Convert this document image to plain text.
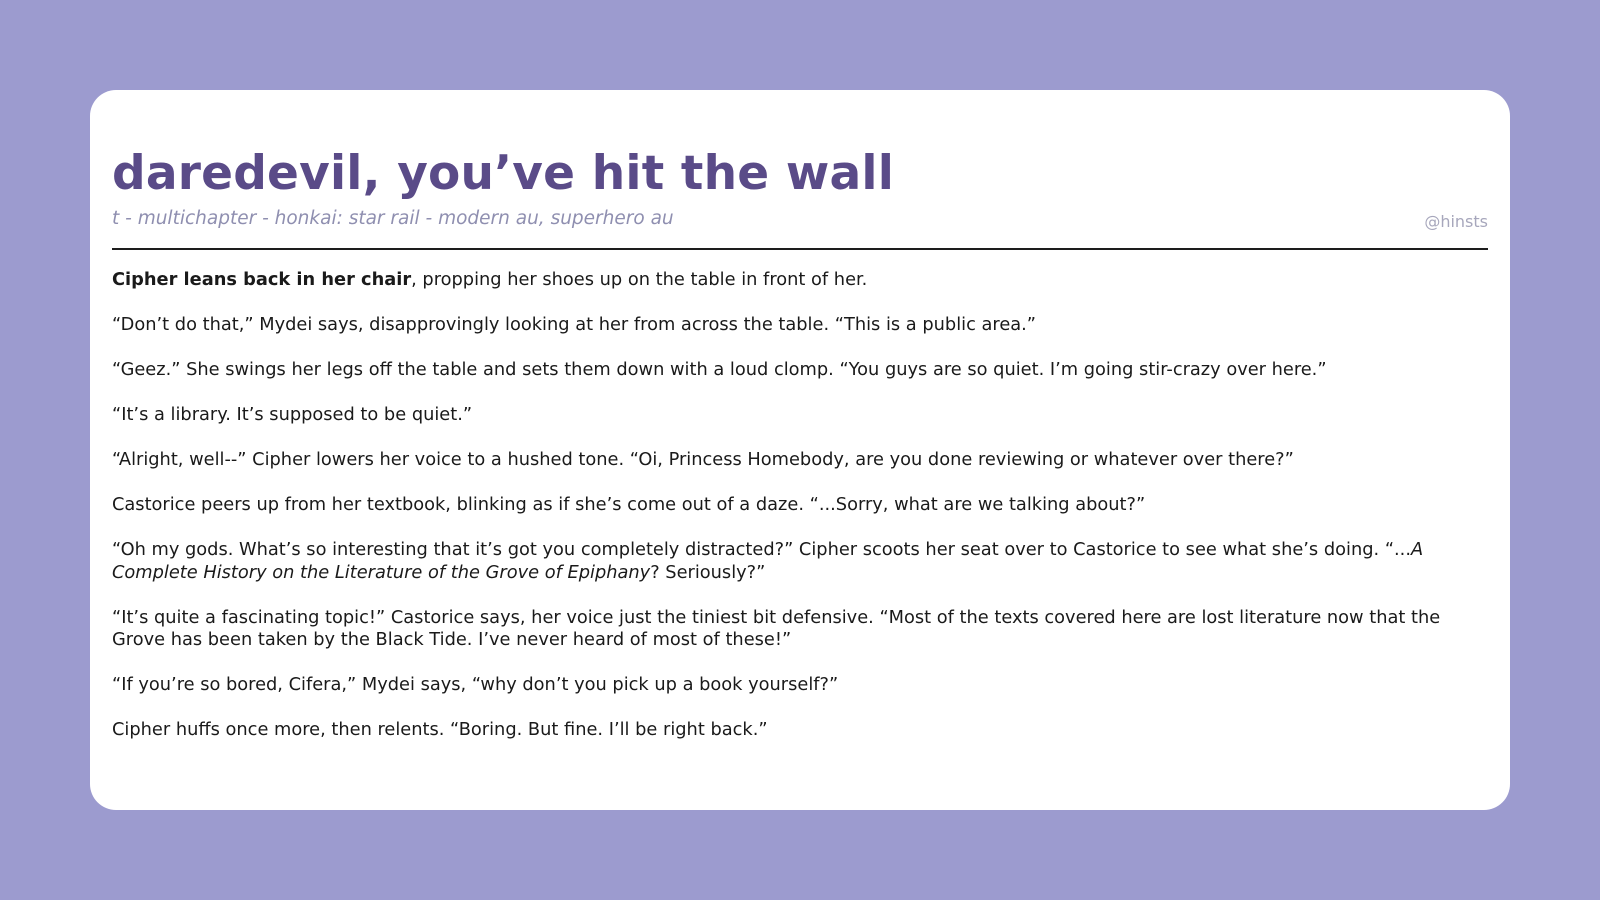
daredevil, you’ve hit the wall
t - multichapter - honkai: star rail - modern au, superhero au	@hinsts

Cipher leans back in her chair, propping her shoes up on the table in front of her.

“Don’t do that,” Mydei says, disapprovingly looking at her from across the table. “This is a public area.”

“Geez.” She swings her legs off the table and sets them down with a loud clomp. “You guys are so quiet. I’m going stir-crazy over here.”

“It’s a library. It’s supposed to be quiet.”

“Alright, well--” Cipher lowers her voice to a hushed tone. “Oi, Princess Homebody, are you done reviewing or whatever over there?”

Castorice peers up from her textbook, blinking as if she’s come out of a daze. “...Sorry, what are we talking about?”

“Oh my gods. What’s so interesting that it’s got you completely distracted?” Cipher scoots her seat over to Castorice to see what she’s doing. “...A Complete History on the Literature of the Grove of Epiphany? Seriously?”

“It’s quite a fascinating topic!” Castorice says, her voice just the tiniest bit defensive. “Most of the texts covered here are lost literature now that the Grove has been taken by the Black Tide. I’ve never heard of most of these!”

“If you’re so bored, Cifera,” Mydei says, “why don’t you pick up a book yourself?”

Cipher huffs once more, then relents. “Boring. But fine. I’ll be right back.”
